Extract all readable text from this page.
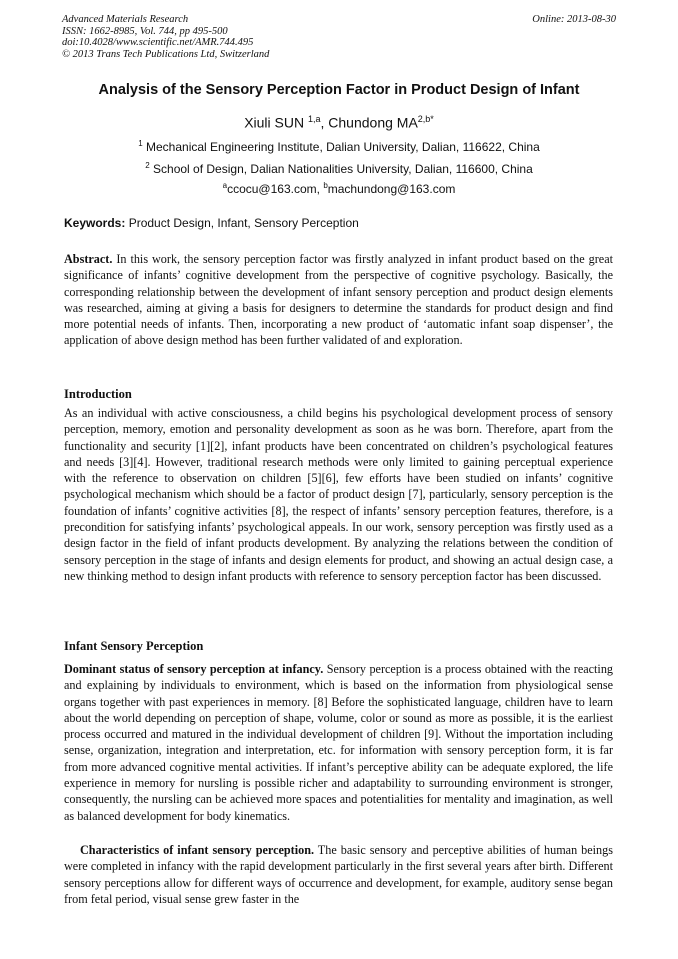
Advanced Materials Research
ISSN: 1662-8985, Vol. 744, pp 495-500
doi:10.4028/www.scientific.net/AMR.744.495
© 2013 Trans Tech Publications Ltd, Switzerland
Online: 2013-08-30
Analysis of the Sensory Perception Factor in Product Design of Infant
Xiuli SUN $^{1,a}$, Chundong $MA^{2,b*}$
$^1$ Mechanical Engineering Institute, Dalian University, Dalian, 116622, China
$^2$ School of Design, Dalian Nationalities University, Dalian, 116600, China
$^a$ccocu@163.com, $^b$machundong@163.com
Keywords: Product Design, Infant, Sensory Perception
Abstract. In this work, the sensory perception factor was firstly analyzed in infant product based on the great significance of infants’ cognitive development from the perspective of cognitive psychology. Basically, the corresponding relationship between the development of infant sensory perception and product design elements was researched, aiming at giving a basis for designers to determine the standards for product design and find more potential needs of infants. Then, incorporating a new product of ‘automatic infant soap dispenser’, the application of above design method has been further validated of and exploration.
Introduction
As an individual with active consciousness, a child begins his psychological development process of sensory perception, memory, emotion and personality development as soon as he was born. Therefore, apart from the functionality and security [1][2], infant products have been concentrated on children’s psychological features and needs [3][4]. However, traditional research methods were only limited to gaining perceptual experience with the reference to observation on children [5][6], few efforts have been studied on infants’ cognitive psychological mechanism which should be a factor of product design [7], particularly, sensory perception is the foundation of infants’ cognitive activities [8], the respect of infants’ sensory perception features, therefore, is a precondition for satisfying infants’ psychological appeals. In our work, sensory perception was firstly used as a design factor in the field of infant products development. By analyzing the relations between the condition of sensory perception in the stage of infants and design elements for product, and showing an actual design case, a new thinking method to design infant products with reference to sensory perception factor has been discussed.
Infant Sensory Perception
Dominant status of sensory perception at infancy. Sensory perception is a process obtained with the reacting and explaining by individuals to environment, which is based on the information from physiological sense organs together with past experiences in memory. [8] Before the sophisticated language, children have to learn about the world depending on perception of shape, volume, color or sound as more as possible, it is the earliest process occurred and matured in the individual development of children [9]. Without the importation including sense, organization, integration and interpretation, etc. for information with sensory perception form, it is far from more advanced cognitive mental activities. If infant’s perceptive ability can be adequate explored, the life experience in memory for nursling is possible richer and adaptability to surrounding environment is stronger, consequently, the nursling can be achieved more spaces and potentialities for mentality and imagination, as well as balanced development for body kinematics.
Characteristics of infant sensory perception. The basic sensory and perceptive abilities of human beings were completed in infancy with the rapid development particularly in the first several years after birth. Different sensory perceptions allow for different ways of occurrence and development, for example, auditory sense began from fetal period, visual sense grew faster in the
